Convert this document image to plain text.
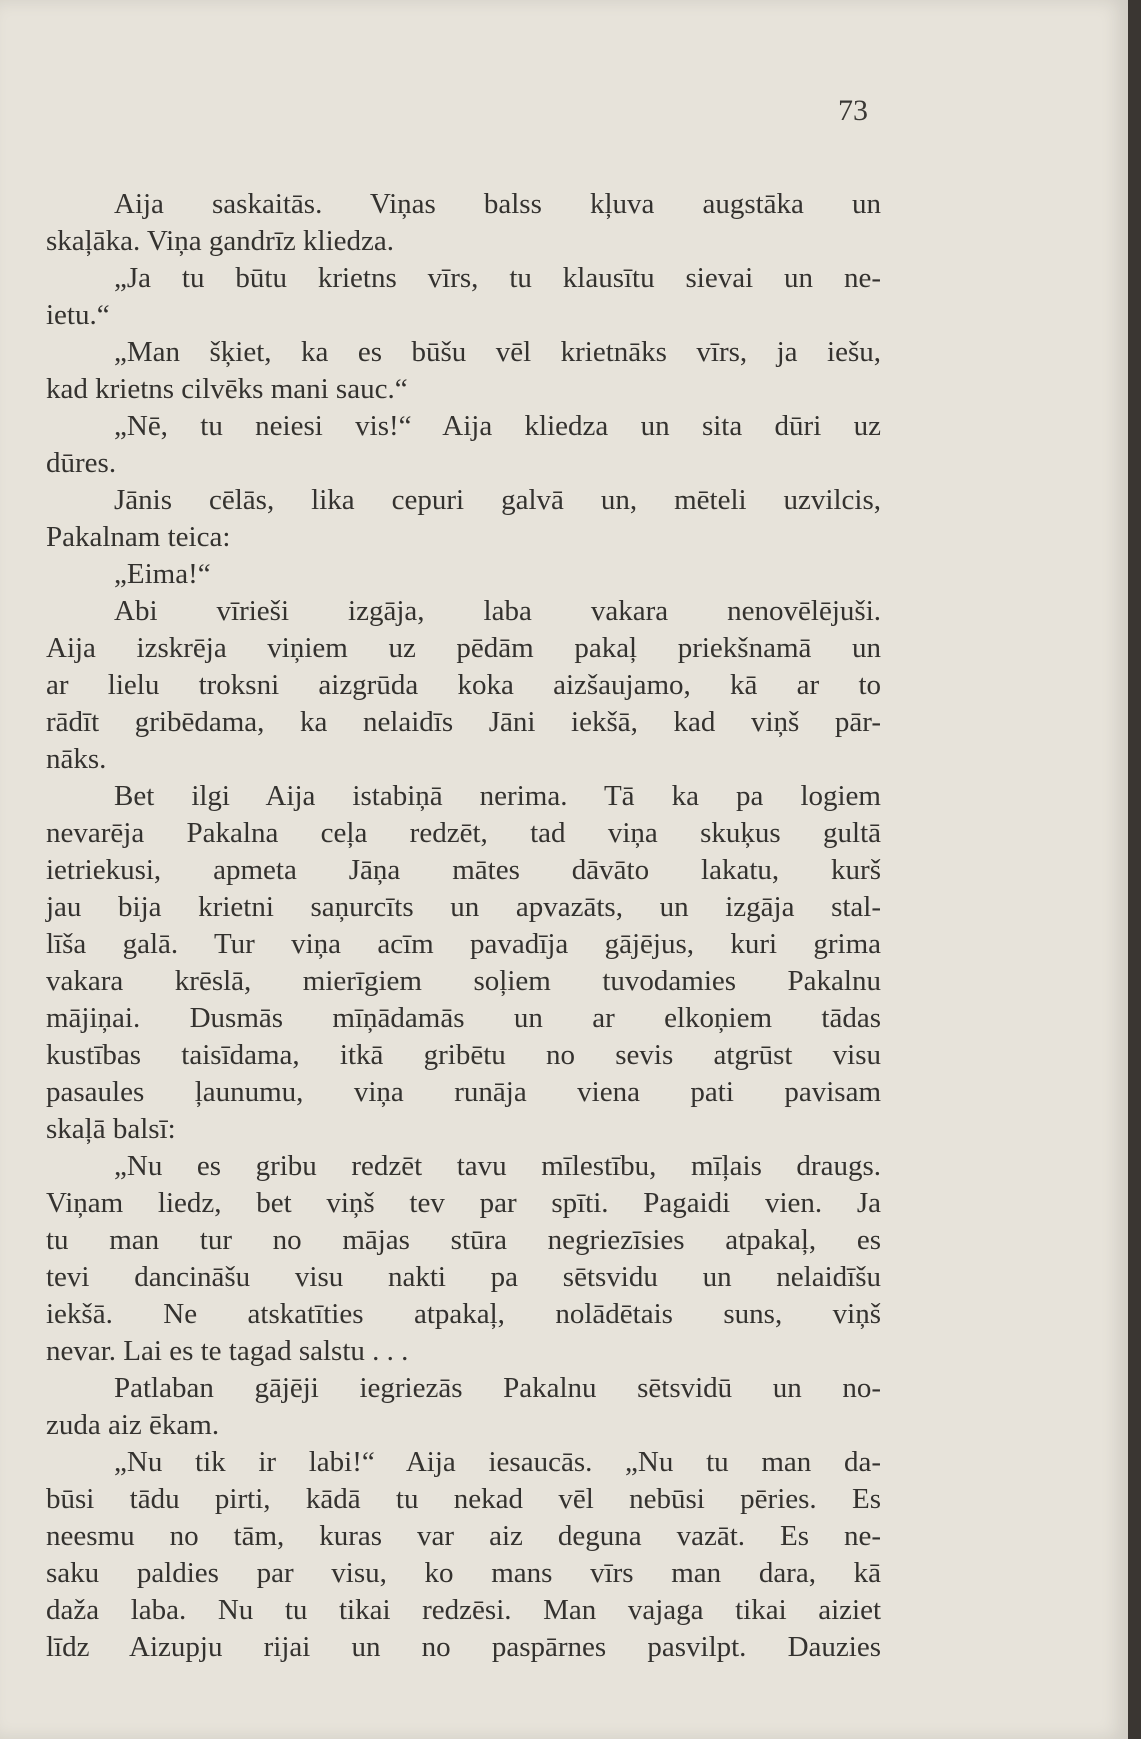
73
Aija saskaitās. Viņas balss kļuva augstāka un
skaļāka. Viņa gandrīz kliedza.
„Ja tu būtu krietns vīrs, tu klausītu sievai un ne-
ietu.“
„Man šķiet, ka es būšu vēl krietnāks vīrs, ja iešu,
kad krietns cilvēks mani sauc.“
„Nē, tu neiesi vis!“ Aija kliedza un sita dūri uz
dūres.
Jānis cēlās, lika cepuri galvā un, mēteli uzvilcis,
Pakalnam teica:
„Eima!“
Abi vīrieši izgāja, laba vakara nenovēlējuši.
Aija izskrēja viņiem uz pēdām pakaļ priekšnamā un
ar lielu troksni aizgrūda koka aizšaujamo, kā ar to
rādīt gribēdama, ka nelaidīs Jāni iekšā, kad viņš pār-
nāks.
Bet ilgi Aija istabiņā nerima. Tā ka pa logiem
nevarēja Pakalna ceļa redzēt, tad viņa skuķus gultā
ietriekusi, apmeta Jāņa mātes dāvāto lakatu, kurš
jau bija krietni saņurcīts un apvazāts, un izgāja stal-
līša galā. Tur viņa acīm pavadīja gājējus, kuri grima
vakara krēslā, mierīgiem soļiem tuvodamies Pakalnu
mājiņai. Dusmās mīņādamās un ar elkoņiem tādas
kustības taisīdama, itkā gribētu no sevis atgrūst visu
pasaules ļaunumu, viņa runāja viena pati pavisam
skaļā balsī:
„Nu es gribu redzēt tavu mīlestību, mīļais draugs.
Viņam liedz, bet viņš tev par spīti. Pagaidi vien. Ja
tu man tur no mājas stūra negriezīsies atpakaļ, es
tevi dancināšu visu nakti pa sētsvidu un nelaidīšu
iekšā. Ne atskatīties atpakaļ, nolādētais suns, viņš
nevar. Lai es te tagad salstu . . .
Patlaban gājēji iegriezās Pakalnu sētsvidū un no-
zuda aiz ēkam.
„Nu tik ir labi!“ Aija iesaucās. „Nu tu man da-
būsi tādu pirti, kādā tu nekad vēl nebūsi pēries. Es
neesmu no tām, kuras var aiz deguna vazāt. Es ne-
saku paldies par visu, ko mans vīrs man dara, kā
daža laba. Nu tu tikai redzēsi. Man vajaga tikai aiziet
līdz Aizupju rijai un no paspārnes pasvilpt. Dauzies
